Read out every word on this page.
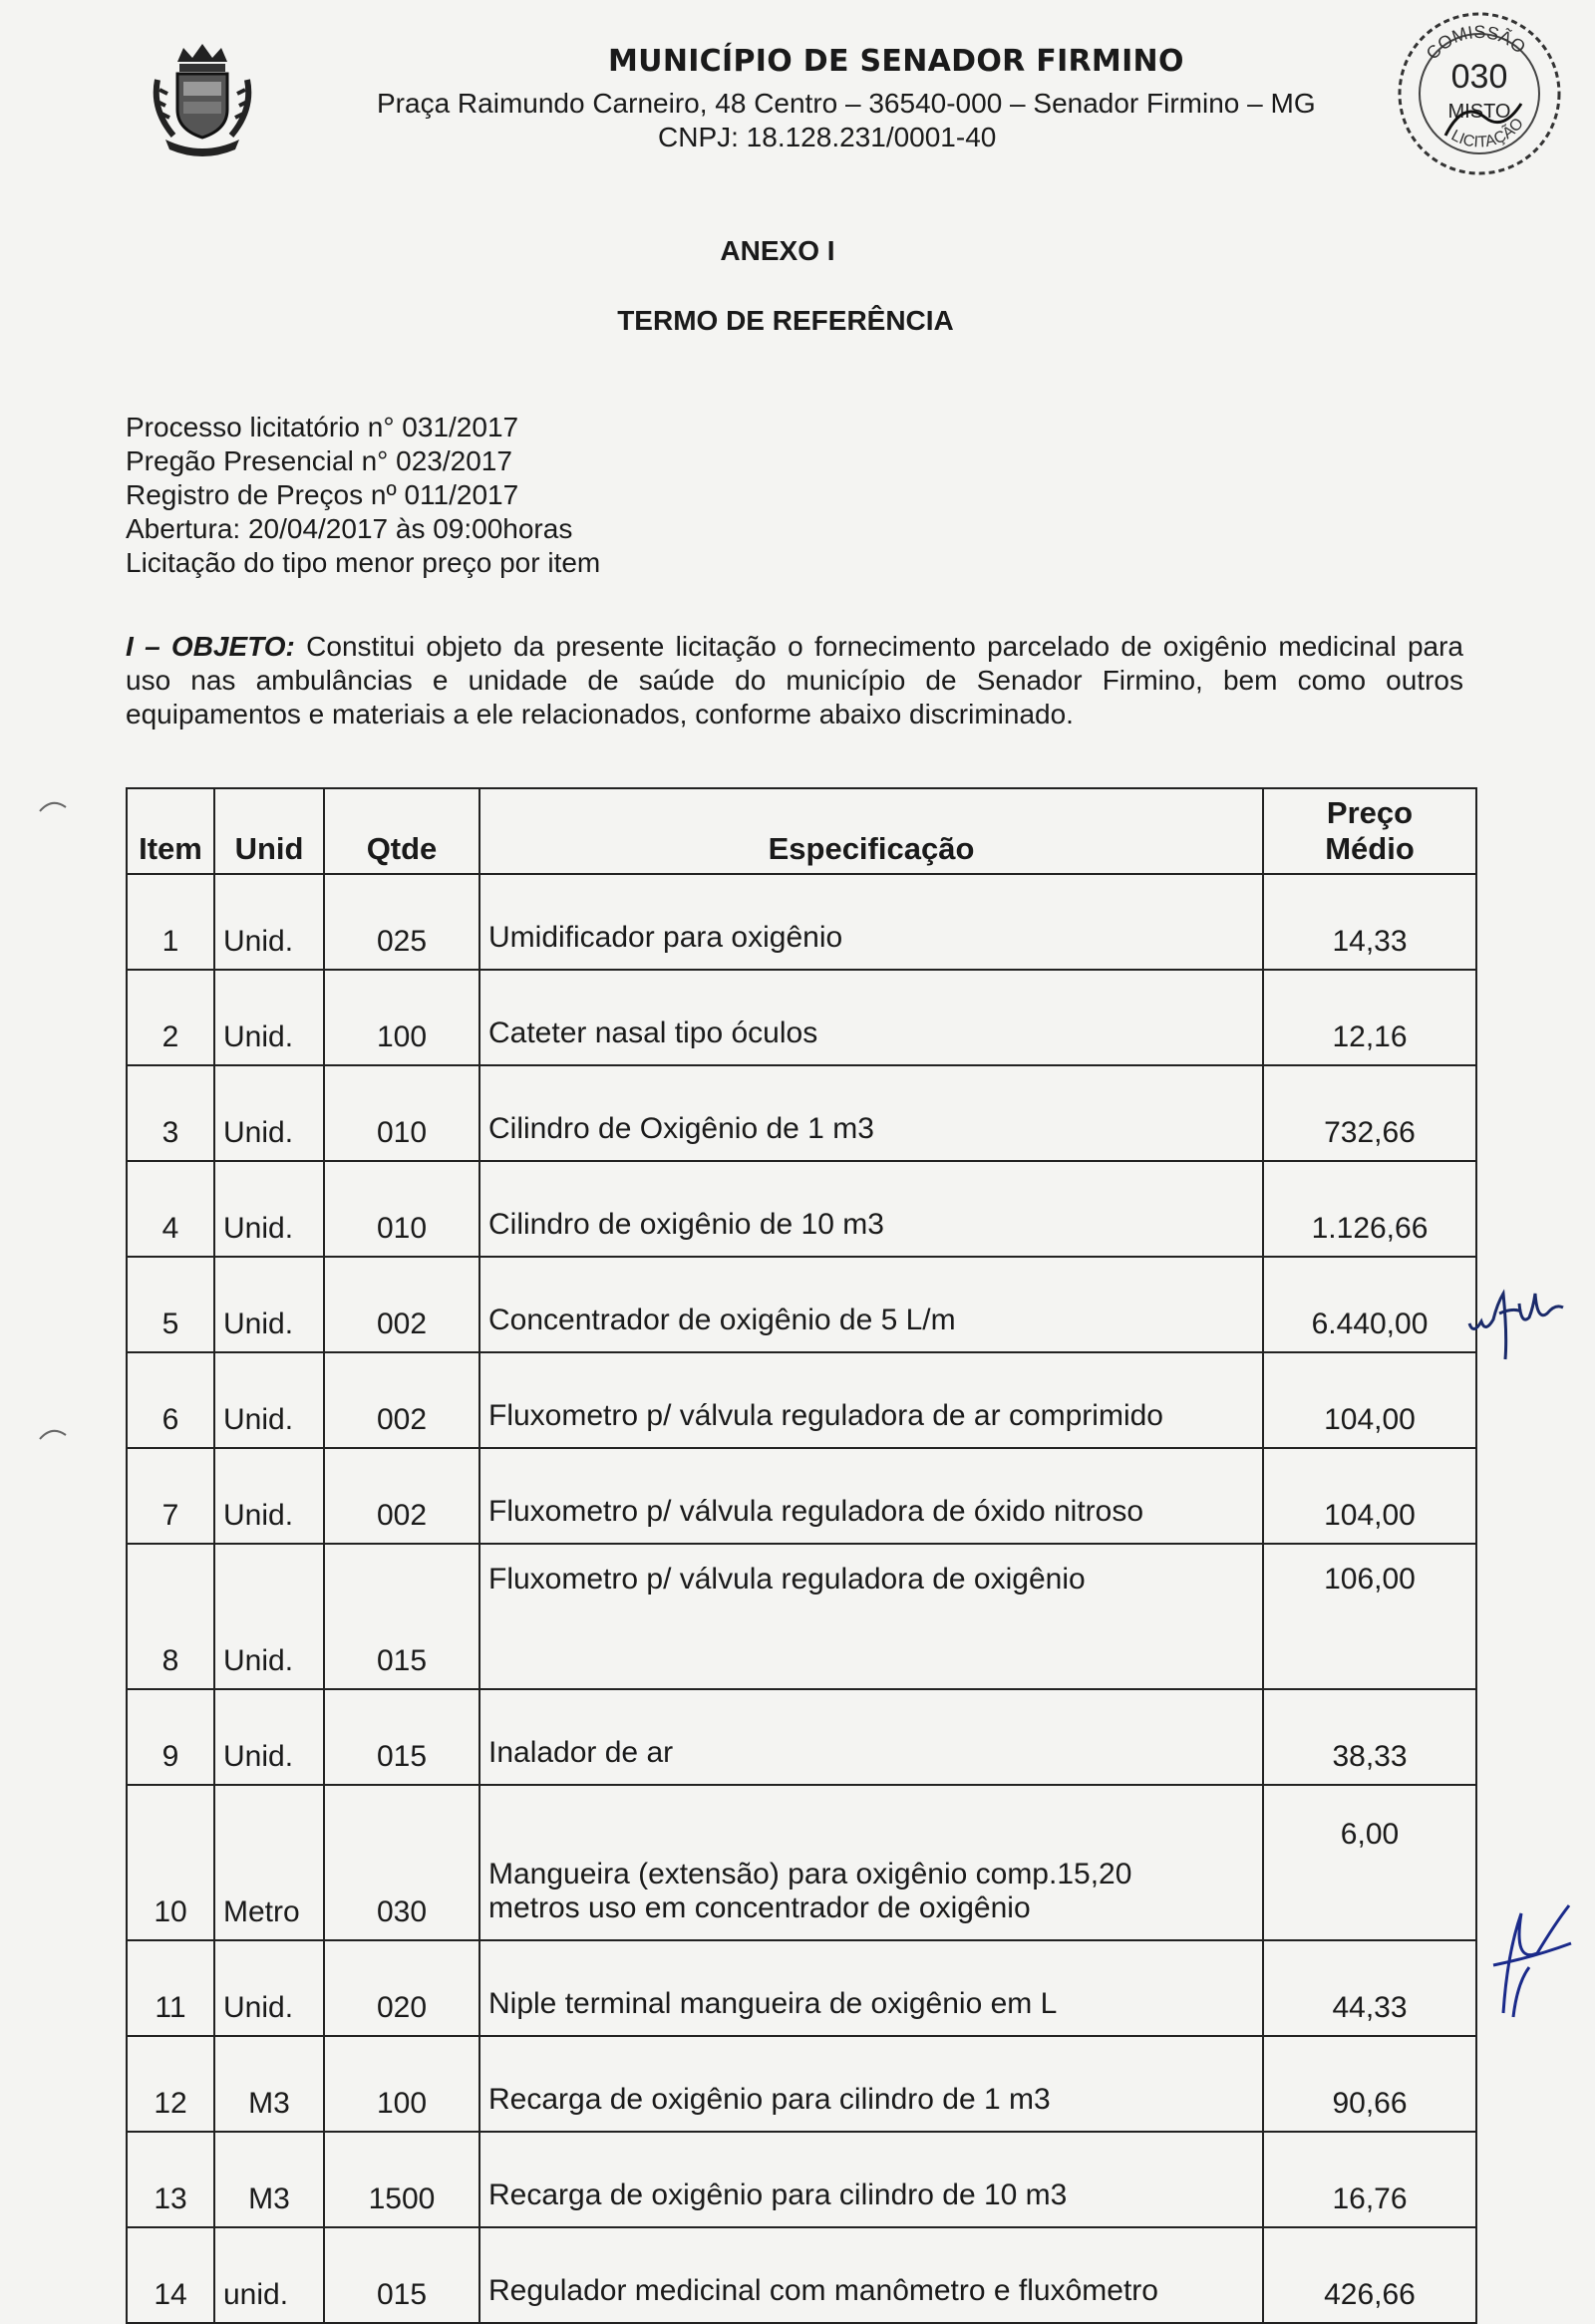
MUNICÍPIO DE SENADOR FIRMINO
Praça Raimundo Carneiro, 48 Centro – 36540-000 – Senador Firmino – MG
CNPJ: 18.128.231/0001-40
COMISSÃO
LICITAÇÃO
030
MISTO
ANEXO I
TERMO DE REFERÊNCIA
Processo licitatório n° 031/2017
Pregão Presencial n° 023/2017
Registro de Preços nº 011/2017
Abertura: 20/04/2017 às 09:00horas
Licitação do tipo menor preço por item
I – OBJETO: Constitui objeto da presente licitação o fornecimento parcelado de oxigênio medicinal para uso nas ambulâncias e unidade de saúde do município de Senador Firmino, bem como outros equipamentos e materiais a ele relacionados, conforme abaixo discriminado.
Item	Unid	Qtde	Especificação	Preço
Médio

1	Unid.	025	Umidificador para oxigênio	14,33
2	Unid.	100	Cateter nasal tipo óculos	12,16
3	Unid.	010	Cilindro de Oxigênio de 1 m3	732,66
4	Unid.	010	Cilindro de oxigênio de 10 m3	1.126,66
5	Unid.	002	Concentrador de oxigênio de 5 L/m	6.440,00
6	Unid.	002	Fluxometro p/ válvula reguladora de ar comprimido	104,00
7	Unid.	002	Fluxometro p/ válvula reguladora de óxido nitroso	104,00
8	Unid.	015	Fluxometro p/ válvula reguladora de oxigênio	106,00
9	Unid.	015	Inalador de ar	38,33
10	Metro	030	Mangueira (extensão) para oxigênio comp.15,20
metros uso em concentrador de oxigênio	6,00
11	Unid.	020	Niple terminal mangueira de oxigênio em L	44,33
12	M3	100	Recarga de oxigênio para cilindro de 1 m3	90,66
13	M3	1500	Recarga de oxigênio para cilindro de 10 m3	16,76
14	unid.	015	Regulador medicinal com manômetro e fluxômetro	426,66
